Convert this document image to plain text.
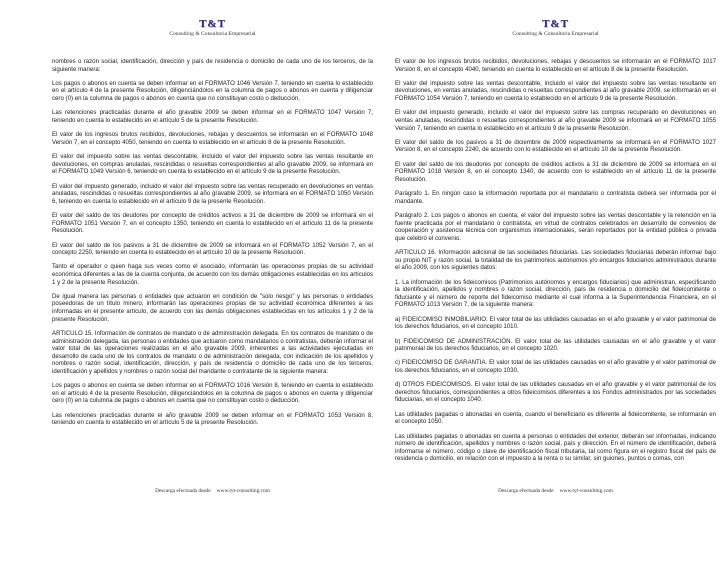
T&T
Consulting & Consultoria Empresarial

nombres o razón social, identificación, dirección y país de residencia o domicilio de cada uno de los terceros, de la siguiente manera:

Los pagos o abonos en cuenta se deben informar en el FORMATO 1046 Versión 7, teniendo en cuenta lo establecido en el artículo 4 de la presente Resolución, diligenciándolos en la columna de pagos o abonos en cuenta y diligenciar cero (0) en la columna de pagos o abonos en cuenta que no constituyan costo o deducción.

Las retenciones practicadas durante el año gravable 2009 se deben informar en el FORMATO 1047 Versión 7, teniendo en cuenta lo establecido en el artículo 5 de la presente Resolución.

El valor de los ingresos brutos recibidos, devoluciones, rebajas y descuentos se informarán en el FORMATO 1048 Versión 7, en el concepto 4050, teniendo en cuenta lo establecido en el artículo 8 de la presente Resolución.

El valor del impuesto sobre las ventas descontable, incluido el valor del impuesto sobre las ventas resultante en devoluciones, en compras anuladas, rescindidas o resueltas correspondientes al año gravable 2009, se informará en el FORMATO 1049 Versión 6, teniendo en cuenta lo establecido en el artículo 9 de la presente Resolución.

El valor del impuesto generado, incluido el valor del impuesto sobre las ventas recuperado en devoluciones en ventas anuladas, rescindidas o resueltas correspondientes al año gravable 2009, se informará en el FORMATO 1050 Versión 6, teniendo en cuenta lo establecido en el artículo 9 de la presente Resolución.

El valor del saldo de los deudores por concepto de créditos activos a 31 de diciembre de 2009 se informará en el FORMATO 1051 Versión 7, en el concepto 1350, teniendo en cuenta lo establecido en el artículo 11 de la presente Resolución.

El valor del saldo de los pasivos a 31 de diciembre de 2009 se informará en el FORMATO 1052 Versión 7, en el concepto 2250, teniendo en cuenta lo establecido en el artículo 10 de la presente Resolución.

Tanto el operador o quien haga sus veces como el asociado, informarán las operaciones propias de su actividad económica diferentes a las de la cuenta conjunta, de acuerdo con los demás obligaciones establecidas en los artículos 1 y 2 de la presente Resolución.

De igual manera las personas o entidades que actuaron en condición de "solo riesgo" y las personas o entidades poseedoras de un título minero, informarán las operaciones propias de su actividad económica diferentes a las informadas en el presente artículo, de acuerdo con las demás obligaciones establecidas en los artículos 1 y 2 de la presente Resolución.

ARTICULO 15. Información de contratos de mandato o de administración delegada. En los contratos de mandato o de administración delegada, las personas o entidades que actúaron como mandatarios o contratistas, deberán informar el valor total de las operaciones realizadas en el año gravable 2009, inherentes a las actividades ejecutadas en desarrollo de cada uno de los contratos de mandato o de administración delegada, con indicación de los apellidos y nombres o razón social, identificación, dirección, y país de residencia o domicilio de cada uno de los terceros, identificación y apellidos y nombres o razón social del mandante o contratante de la siguiente manera:

Los pagos o abonos en cuenta se deben informar en el FORMATO 1016 Versión 8, teniendo en cuenta lo establecido en el artículo 4 de la presente Resolución, diligenciándolos en la columna de pagos o abonos en cuenta y diligenciar cero (0) en la columna de pagos o abonos en cuenta que no constituyan costo o deducción.

Las retenciones practicadas durante el año gravable 2009 se deben informar en el FORMATO 1053 Versión 8, teniendo en cuenta lo establecido en el artículo 5 de la presente Resolución.

Descarga efectuada desde www.tyt-consulting.com
T&T
Consulting & Consultoria Empresarial

El valor de los ingresos brutos recibidos, devoluciones, rebajas y descuentos se informarán en el FORMATO 1017 Versión 8, en el concepto 4040, teniendo en cuenta lo establecido en el artículo 8 de la presente Resolución.

El valor del impuesto sobre las ventas descontable, incluido el valor del impuesto sobre las ventas resultante en devoluciones, en ventas anuladas, rescindidas o resueltas correspondientes al año gravable 2009, se informarán en el FORMATO 1054 Versión 7, teniendo en cuenta lo establecido en el artículo 9 de la presente Resolución.

El valor del impuesto generado, incluido el valor del impuesto sobre las compras recuperado en devoluciones en ventas anuladas, rescindidas o resueltas correspondientes al año gravable 2009 se informará en el FORMATO 1055 Versión 7, teniendo en cuenta lo establecido en el artículo 9 de la presente Resolución.

El valor del saldo de los pasivos a 31 de diciembre de 2009 respectivamente se informará en el FORMATO 1027 Versión 8, en el concepto 2240, de acuerdo con lo establecido en el artículo 10 de la presente Resolución.

El valor del saldo de los deudores por concepto de créditos activos a 31 de diciembre de 2009 se informará en el FORMATO 1018 Versión 8, en el concepto 1340, de acuerdo con lo establecido en el artículo 11 de la presente Resolución.

Parágrafo 1. En ningún caso la información reportada por el mandatario o contratista deberá ser informada por el mandante.

Parágrafo 2. Los pagos o abonos en cuenta, el valor del impuesto sobre las ventas descontable y la retención en la fuente practicada por el mandatario o contratista, en virtud de contratos celebrados en desarrollo de convenios de cooperación y asistencia técnica con organismos internacionales, serán reportados por la entidad pública o privada que celebró el convenio.

ARTICULO 16. Información adicional de las sociedades fiduciarias. Las sociedades fiduciarias deberán informar bajo su propio NIT y razón social, la totalidad de los patrimonios autónomos y/o encargos fiduciarios administrados durante el año 2009, con los siguientes datos:

1. La información de los fideicomisos (Patrimonios autónomos y encargos fiduciarios) que administran, especificando la identificación, apellidos y nombres o razón social, dirección, país de residencia o domicilio del fideicomitente o fiduciante y el número de reporte del fideicomiso mediante el cual informa a la Superintendencia Financiera, en el FORMATO 1013 Versión 7, de la siguiente manera:

a) FIDEICOMISO INMOBILIARIO: El valor total de las utilidades causadas en el año gravable y el valor patrimonial de los derechos fiduciarios, en el concepto 1010.

b) FIDEICOMISO DE ADMINISTRACIÓN. El valor total de las utilidades causadas en el año gravable y el valor patrimonial de los derechos fiduciarios, en el concepto 1020.

c) FIDEICOMISO DE GARANTIA. El valor total de las utilidades causadas en el año gravable y el valor patrimonial de los derechos fiduciarios, en el concepto 1030.

d) OTROS FIDEICOMISOS. El valor total de las utilidades causadas en el año gravable y el valor patrimonial de los derechos fiduciarios, correspondientes a otros fideicomisos diferentes a los Fondos administrados por las sociedades fiduciarias, en el concepto 1040.

Las utilidades pagadas o abonadas en cuenta, cuando el beneficiario es diferente al fideicomitente, se informarán en el concepto 1050.

Las utilidades pagadas o abonadas en cuenta a personas o entidades del exterior, deberán ser informadas, indicando número de identificación, apellidos y nombres o razón social, país y dirección. En el número de identificación, deberá informarse el número, código o clave de identificación fiscal tributaria, tal como figura en el registro fiscal del país de residencia o domicilio, en relación con el impuesto a la renta o su similar, sin guiones, puntos o comas, con

Descarga efectuada desde www.tyt-consulting.com
